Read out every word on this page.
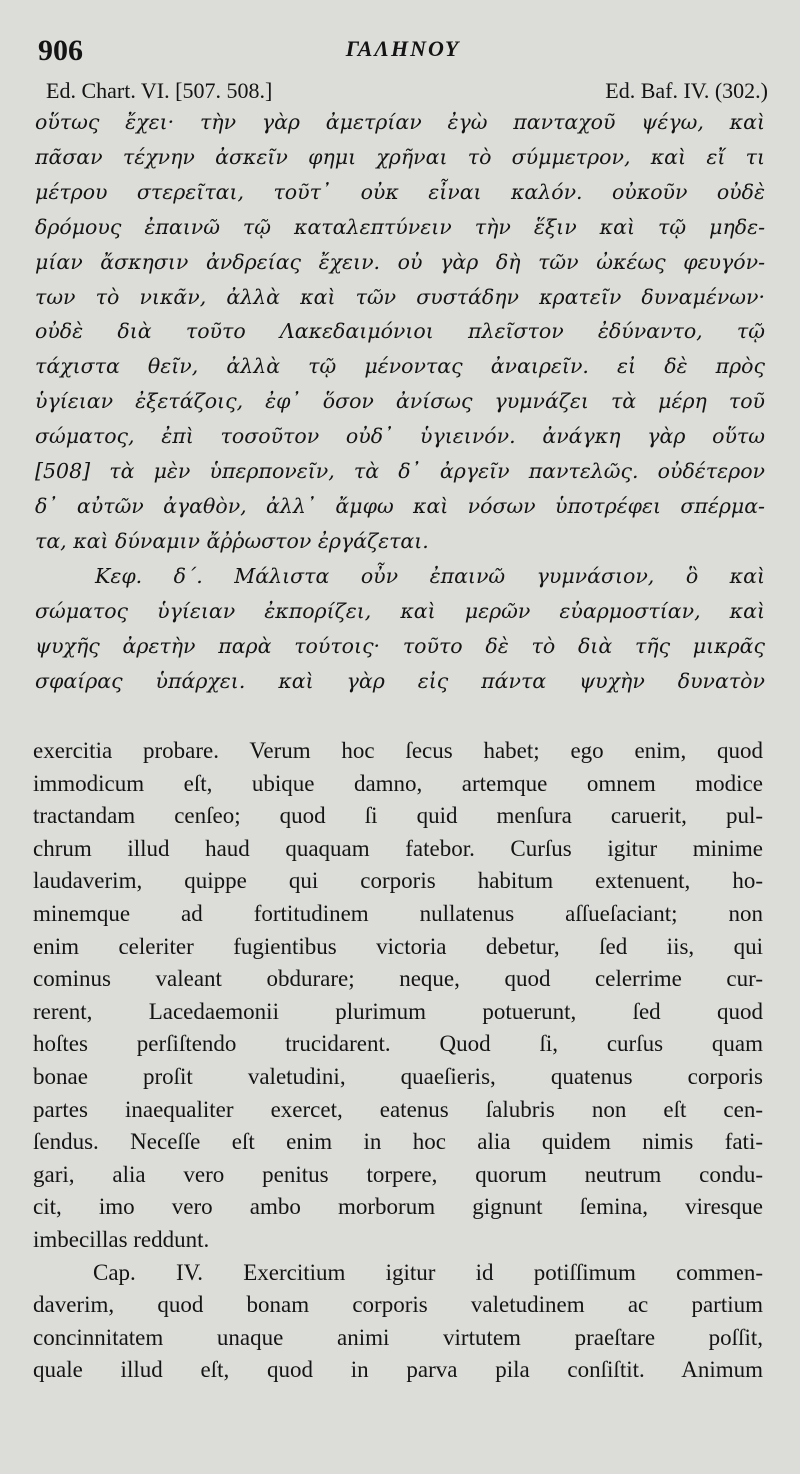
906	ΓΑΛΗΝΟΥ
Ed. Chart. VI. [507. 508.]	Ed. Baf. IV. (302.)
οὕτως ἔχει· τὴν γὰρ ἀμετρίαν ἐγὼ πανταχοῦ ψέγω, καὶ
πᾶσαν τέχνην ἀσκεῖν φημι χρῆναι τὸ σύμμετρον, καὶ εἴ τι
μέτρου στερεῖται, τοῦτ᾿ οὐκ εἶναι καλόν. οὐκοῦν οὐδὲ
δρόμους ἐπαινῶ τῷ καταλεπτύνειν τὴν ἕξιν καὶ τῷ μηδε-
μίαν ἄσκησιν ἀνδρείας ἔχειν. οὐ γὰρ δὴ τῶν ὠκέως φευγόν-
των τὸ νικᾶν, ἀλλὰ καὶ τῶν συστάδην κρατεῖν δυναμένων·
οὐδὲ διὰ τοῦτο Λακεδαιμόνιοι πλεῖστον ἐδύναντο, τῷ
τάχιστα θεῖν, ἀλλὰ τῷ μένοντας ἀναιρεῖν. εἰ δὲ πρὸς
ὑγίειαν ἐξετάζοις, ἐφ᾿ ὅσον ἀνίσως γυμνάζει τὰ μέρη τοῦ
σώματος, ἐπὶ τοσοῦτον οὐδ᾿ ὑγιεινόν. ἀνάγκη γὰρ οὕτω
[508] τὰ μὲν ὑπερπονεῖν, τὰ δ᾿ ἀργεῖν παντελῶς. οὐδέτερον
δ᾿ αὐτῶν ἀγαθὸν, ἀλλ᾿ ἄμφω καὶ νόσων ὑποτρέφει σπέρμα-
τα, καὶ δύναμιν ἄῤῥωστον ἐργάζεται.
Κεφ. δ΄. Μάλιστα οὖν ἐπαινῶ γυμνάσιον, ὃ καὶ
σώματος ὑγίειαν ἐκπορίζει, καὶ μερῶν εὐαρμοστίαν, καὶ
ψυχῆς ἀρετὴν παρὰ τούτοις· τοῦτο δὲ τὸ διὰ τῆς μικρᾶς
σφαίρας ὑπάρχει. καὶ γὰρ εἰς πάντα ψυχὴν δυνατὸν
exercitia probare. Verum hoc ſecus habet; ego enim, quod
immodicum eſt, ubique damno, artemque omnem modice
tractandam cenſeo; quod ſi quid menſura caruerit, pul-
chrum illud haud quaquam fatebor. Curſus igitur minime
laudaverim, quippe qui corporis habitum extenuent, ho-
minemque ad fortitudinem nullatenus aſſueſaciant; non
enim celeriter fugientibus victoria debetur, ſed iis, qui
cominus valeant obdurare; neque, quod celerrime cur-
rerent, Lacedaemonii plurimum potuerunt, ſed quod
hoſtes perſiſtendo trucidarent. Quod ſi, curſus quam
bonae proſit valetudini, quaeſieris, quatenus corporis
partes inaequaliter exercet, eatenus ſalubris non eſt cen-
ſendus. Neceſſe eſt enim in hoc alia quidem nimis fati-
gari, alia vero penitus torpere, quorum neutrum condu-
cit, imo vero ambo morborum gignunt ſemina, viresque
imbecillas reddunt.
Cap. IV. Exercitium igitur id potiſſimum commen-
daverim, quod bonam corporis valetudinem ac partium
concinnitatem unaque animi virtutem praeſtare poſſit,
quale illud eſt, quod in parva pila conſiſtit. Animum
